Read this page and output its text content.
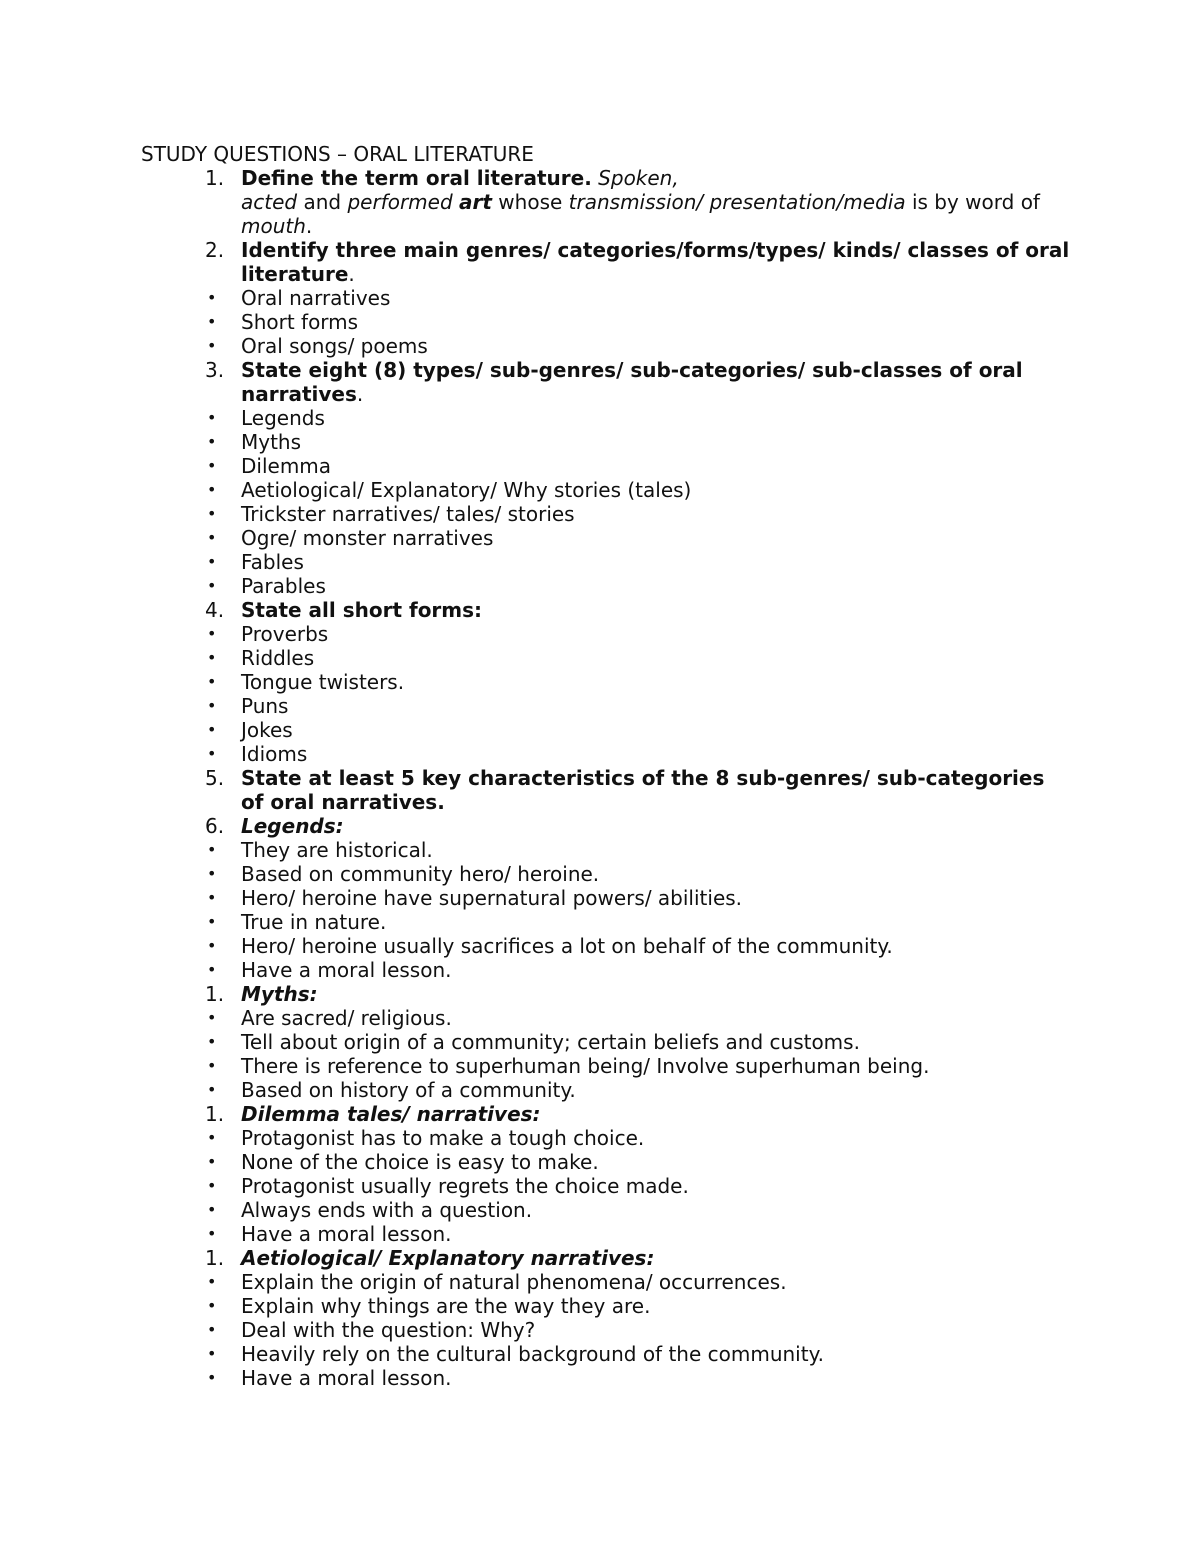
STUDY QUESTIONS – ORAL LITERATURE
1. Define the term oral literature. Spoken,
acted and performed art whose transmission/ presentation/media is by word of mouth.
2. Identify three main genres/ categories/forms/types/ kinds/ classes of oral literature.
•	Oral narratives
•	Short forms
•	Oral songs/ poems
3. State eight (8) types/ sub-genres/ sub-categories/ sub-classes of oral narratives.
•	Legends
•	Myths
•	Dilemma
•	Aetiological/ Explanatory/ Why stories (tales)
•	Trickster narratives/ tales/ stories
•	Ogre/ monster narratives
•	Fables
•	Parables
4. State all short forms:
•	Proverbs
•	Riddles
•	Tongue twisters.
•	Puns
•	Jokes
•	Idioms
5. State at least 5 key characteristics of the 8 sub-genres/ sub-categories of oral narratives.
6. Legends:
•	They are historical.
•	Based on community hero/ heroine.
•	Hero/ heroine have supernatural powers/ abilities.
•	True in nature.
•	Hero/ heroine usually sacrifices a lot on behalf of the community.
•	Have a moral lesson.
1. Myths:
•	Are sacred/ religious.
•	Tell about origin of a community; certain beliefs and customs.
•	There is reference to superhuman being/ Involve superhuman being.
•	Based on history of a community.
1. Dilemma tales/ narratives:
•	Protagonist has to make a tough choice.
•	None of the choice is easy to make.
•	Protagonist usually regrets the choice made.
•	Always ends with a question.
•	Have a moral lesson.
1. Aetiological/ Explanatory narratives:
•	Explain the origin of natural phenomena/ occurrences.
•	Explain why things are the way they are.
•	Deal with the question: Why?
•	Heavily rely on the cultural background of the community.
•	Have a moral lesson.
